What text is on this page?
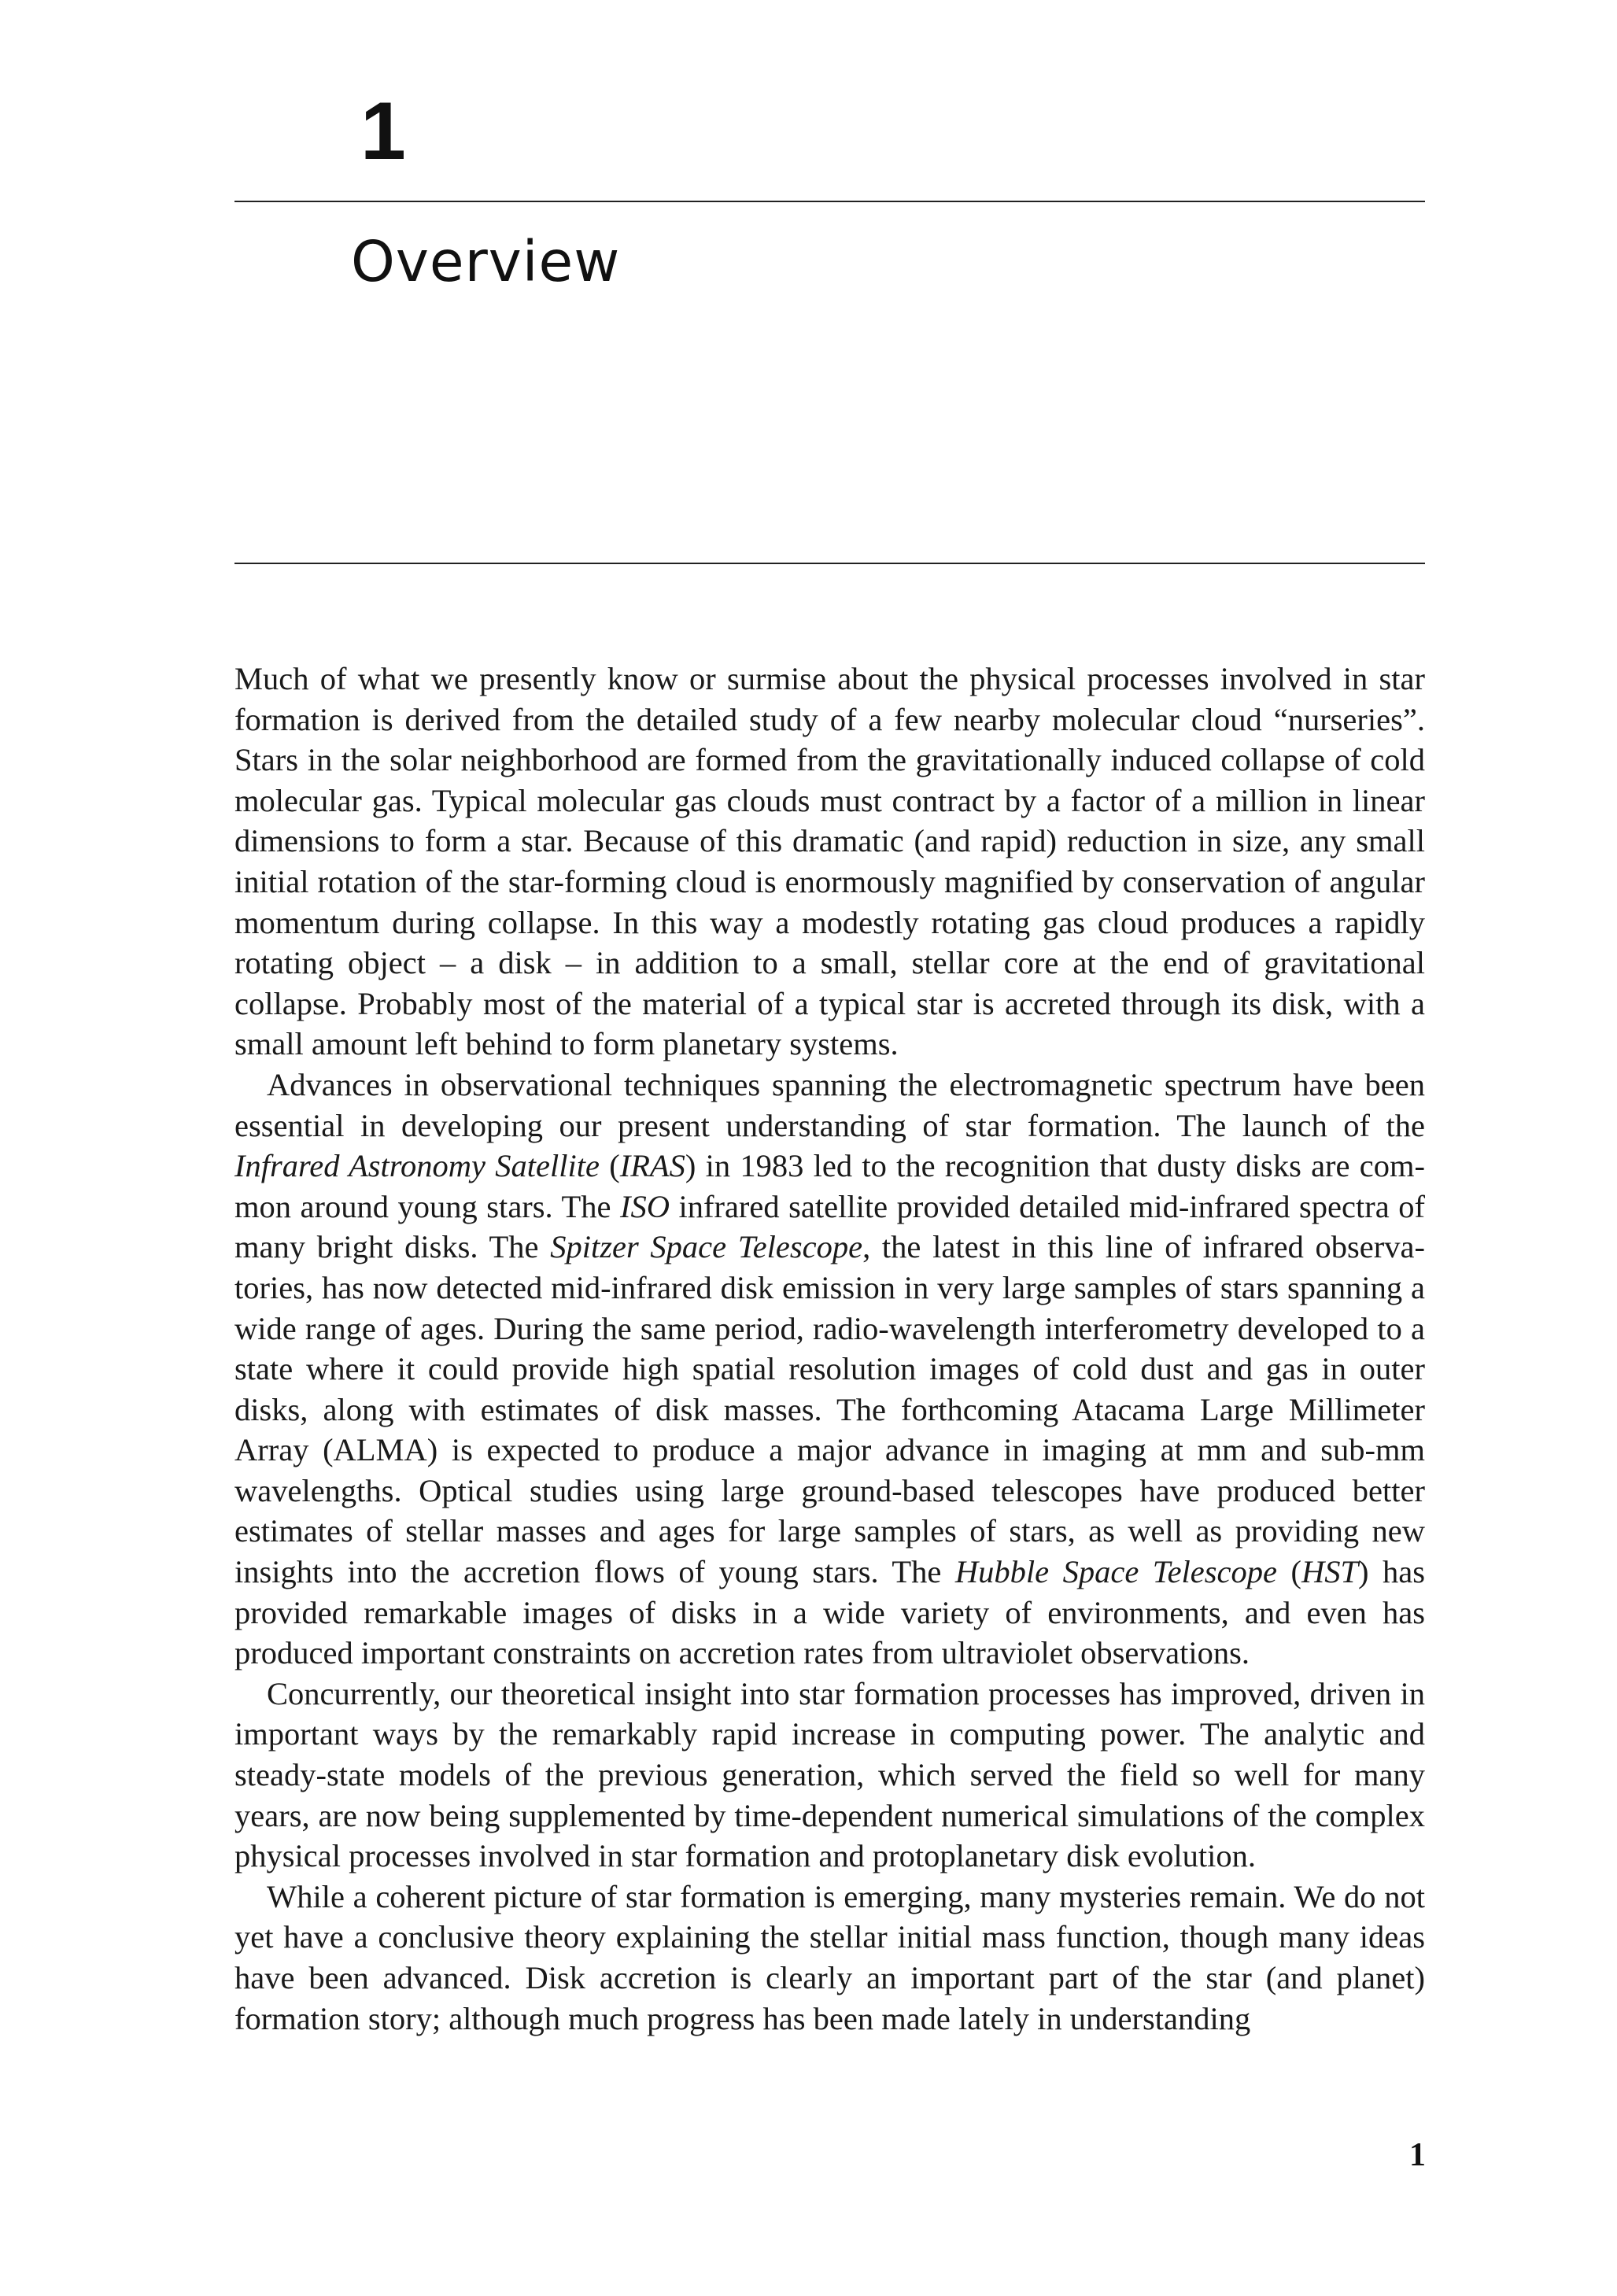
1
Overview

Much of what we presently know or surmise about the physical processes involved in star formation is derived from the detailed study of a few nearby molecular cloud “nurseries”. Stars in the solar neighborhood are formed from the gravitationally induced collapse of cold molecular gas. Typical molecular gas clouds must contract by a factor of a million in linear dimensions to form a star. Because of this dramatic (and rapid) reduction in size, any small initial rotation of the star-forming cloud is enormously magnified by conservation of angular momentum during collapse. In this way a modestly rotating gas cloud produces a rapidly rotating object – a disk – in addition to a small, stellar core at the end of gravitational collapse. Probably most of the material of a typical star is accreted through its disk, with a small amount left behind to form planetary systems.

Advances in observational techniques spanning the electromagnetic spectrum have been essential in developing our present understanding of star formation. The launch of the Infrared Astronomy Satellite (IRAS) in 1983 led to the recognition that dusty disks are common around young stars. The ISO infrared satellite provided detailed mid-infrared spectra of many bright disks. The Spitzer Space Telescope, the latest in this line of infrared observatories, has now detected mid-infrared disk emission in very large samples of stars spanning a wide range of ages. During the same period, radio-wavelength interferometry developed to a state where it could provide high spatial resolution images of cold dust and gas in outer disks, along with estimates of disk masses. The forthcoming Atacama Large Millimeter Array (ALMA) is expected to produce a major advance in imaging at mm and sub-mm wavelengths. Optical studies using large ground-based telescopes have produced better estimates of stellar masses and ages for large samples of stars, as well as providing new insights into the accretion flows of young stars. The Hubble Space Telescope (HST) has provided remarkable images of disks in a wide variety of environments, and even has produced important constraints on accretion rates from ultraviolet observations.

Concurrently, our theoretical insight into star formation processes has improved, driven in important ways by the remarkably rapid increase in computing power. The analytic and steady-state models of the previous generation, which served the field so well for many years, are now being supplemented by time-dependent numerical simulations of the complex physical processes involved in star formation and protoplanetary disk evolution.

While a coherent picture of star formation is emerging, many mysteries remain. We do not yet have a conclusive theory explaining the stellar initial mass function, though many ideas have been advanced. Disk accretion is clearly an important part of the star (and planet) formation story; although much progress has been made lately in understanding

1
